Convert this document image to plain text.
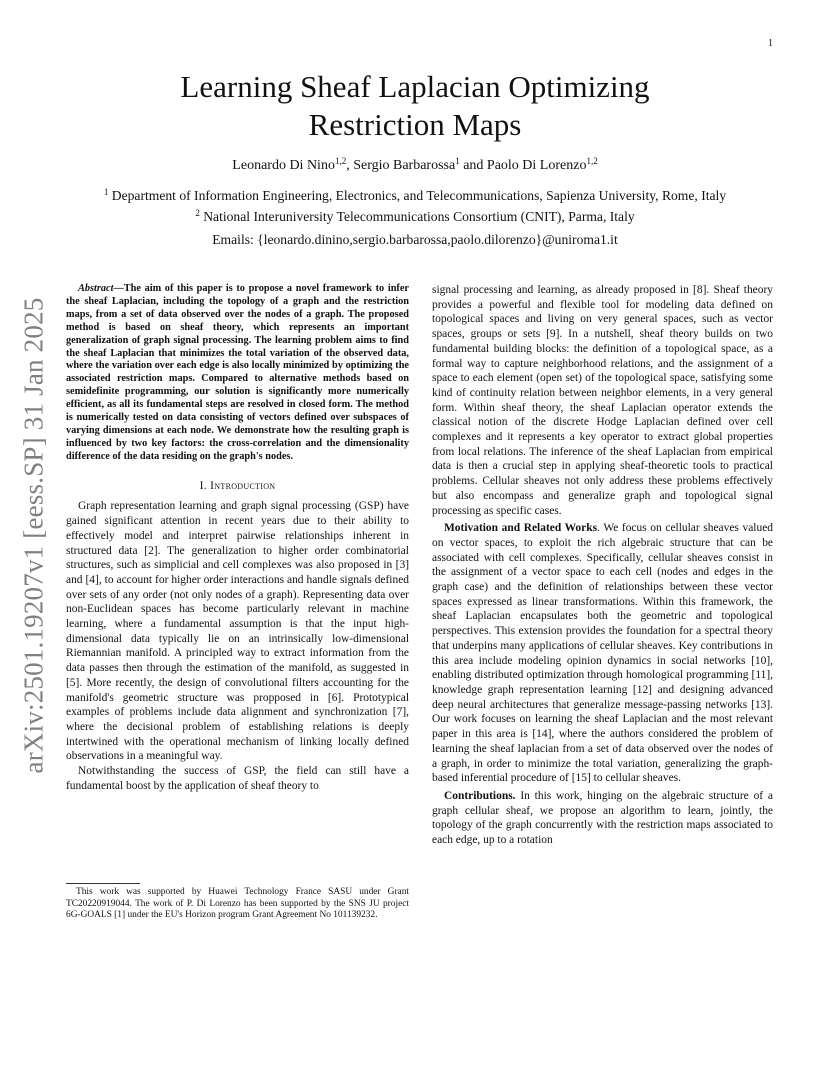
1
arXiv:2501.19207v1 [eess.SP] 31 Jan 2025
Learning Sheaf Laplacian Optimizing
Restriction Maps
Leonardo Di Nino$^{1,2}$, Sergio Barbarossa$^1$ and Paolo Di Lorenzo$^{1,2}$
$^1$ Department of Information Engineering, Electronics, and Telecommunications, Sapienza University, Rome, Italy
$^2$ National Interuniversity Telecommunications Consortium (CNIT), Parma, Italy
Emails: {leonardo.dinino,sergio.barbarossa,paolo.dilorenzo}@uniroma1.it

Abstract—The aim of this paper is to propose a novel framework to infer the sheaf Laplacian, including the topology of a graph and the restriction maps, from a set of data observed over the nodes of a graph. The proposed method is based on sheaf theory, which represents an important generalization of graph signal processing. The learning problem aims to find the sheaf Laplacian that minimizes the total variation of the observed data, where the variation over each edge is also locally minimized by optimizing the associated restriction maps. Compared to alternative methods based on semidefinite programming, our solution is significantly more numerically efficient, as all its fundamental steps are resolved in closed form. The method is numerically tested on data consisting of vectors defined over subspaces of varying dimensions at each node. We demonstrate how the resulting graph is influenced by two key factors: the cross-correlation and the dimensionality difference of the data residing on the graph's nodes.

I. Introduction

Graph representation learning and graph signal processing (GSP) have gained significant attention in recent years due to their ability to effectively model and interpret pairwise relationships inherent in structured data [2]. The generalization to higher order combinatorial structures, such as simplicial and cell complexes was also proposed in [3] and [4], to account for higher order interactions and handle signals defined over sets of any order (not only nodes of a graph). Representing data over non-Euclidean spaces has become particularly relevant in machine learning, where a fundamental assumption is that the input high-dimensional data typically lie on an intrinsically low-dimensional Riemannian manifold. A principled way to extract information from the data passes then through the estimation of the manifold, as suggested in [5]. More recently, the design of convolutional filters accounting for the manifold's geometric structure was propposed in [6]. Prototypical examples of problems include data alignment and synchronization [7], where the decisional problem of establishing relations is deeply intertwined with the operational mechanism of linking locally defined observations in a meaningful way.

Notwithstanding the success of GSP, the field can still have a fundamental boost by the application of sheaf theory to

This work was supported by Huawei Technology France SASU under Grant TC20220919044. The work of P. Di Lorenzo has been supported by the SNS JU project 6G-GOALS [1] under the EU's Horizon program Grant Agreement No 101139232.

signal processing and learning, as already proposed in [8]. Sheaf theory provides a powerful and flexible tool for modeling data defined on topological spaces and living on very general spaces, such as vector spaces, groups or sets [9]. In a nutshell, sheaf theory builds on two fundamental building blocks: the definition of a topological space, as a formal way to capture neighborhood relations, and the assignment of a space to each element (open set) of the topological space, satisfying some kind of continuity relation between neighbor elements, in a very general form. Within sheaf theory, the sheaf Laplacian operator extends the classical notion of the discrete Hodge Laplacian defined over cell complexes and it represents a key operator to extract global properties from local relations. The inference of the sheaf Laplacian from empirical data is then a crucial step in applying sheaf-theoretic tools to practical problems. Cellular sheaves not only address these problems effectively but also encompass and generalize graph and topological signal processing as specific cases.

Motivation and Related Works. We focus on cellular sheaves valued on vector spaces, to exploit the rich algebraic structure that can be associated with cell complexes. Specifically, cellular sheaves consist in the assignment of a vector space to each cell (nodes and edges in the graph case) and the definition of relationships between these vector spaces expressed as linear transformations. Within this framework, the sheaf Laplacian encapsulates both the geometric and topological perspectives. This extension provides the foundation for a spectral theory that underpins many applications of cellular sheaves. Key contributions in this area include modeling opinion dynamics in social networks [10], enabling distributed optimization through homological programming [11], knowledge graph representation learning [12] and designing advanced deep neural architectures that generalize message-passing networks [13]. Our work focuses on learning the sheaf Laplacian and the most relevant paper in this area is [14], where the authors considered the problem of learning the sheaf laplacian from a set of data observed over the nodes of a graph, in order to minimize the total variation, generalizing the graph-based inferential procedure of [15] to cellular sheaves.

Contributions. In this work, hinging on the algebraic structure of a graph cellular sheaf, we propose an algorithm to learn, jointly, the topology of the graph concurrently with the restriction maps associated to each edge, up to a rotation
